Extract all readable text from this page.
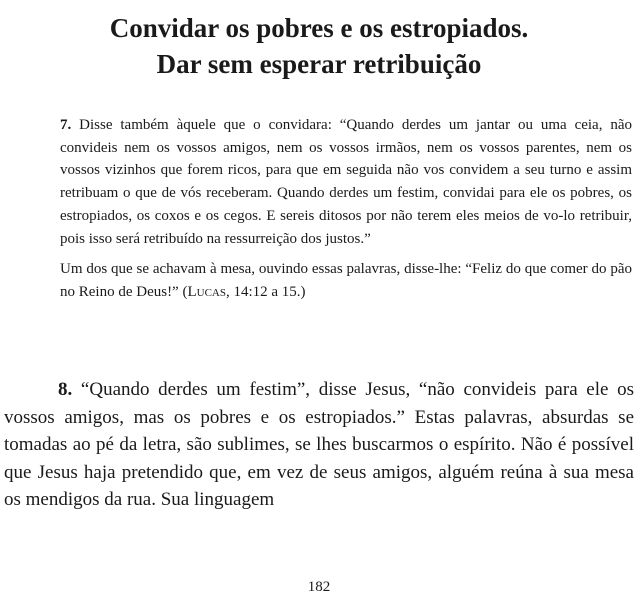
Convidar os pobres e os estropiados.
Dar sem esperar retribuição

7. Disse também àquele que o convidara: “Quando derdes um jantar ou uma ceia, não convideis nem os vossos amigos, nem os vossos irmãos, nem os vossos parentes, nem os vossos vizinhos que forem ricos, para que em seguida não vos convidem a seu turno e assim retribuam o que de vós receberam. Quando derdes um festim, convidai para ele os pobres, os estropiados, os coxos e os cegos. E sereis ditosos por não terem eles meios de vo-lo retribuir, pois isso será retribuído na ressurreição dos justos.”

Um dos que se achavam à mesa, ouvindo essas palavras, disse-lhe: “Feliz do que comer do pão no Reino de Deus!” (Lucas, 14:12 a 15.)

8. “Quando derdes um festim”, disse Jesus, “não convideis para ele os vossos amigos, mas os pobres e os estropiados.” Estas palavras, absurdas se tomadas ao pé da letra, são sublimes, se lhes buscarmos o espírito. Não é possível que Jesus haja pretendido que, em vez de seus amigos, alguém reúna à sua mesa os mendigos da rua. Sua linguagem

182
